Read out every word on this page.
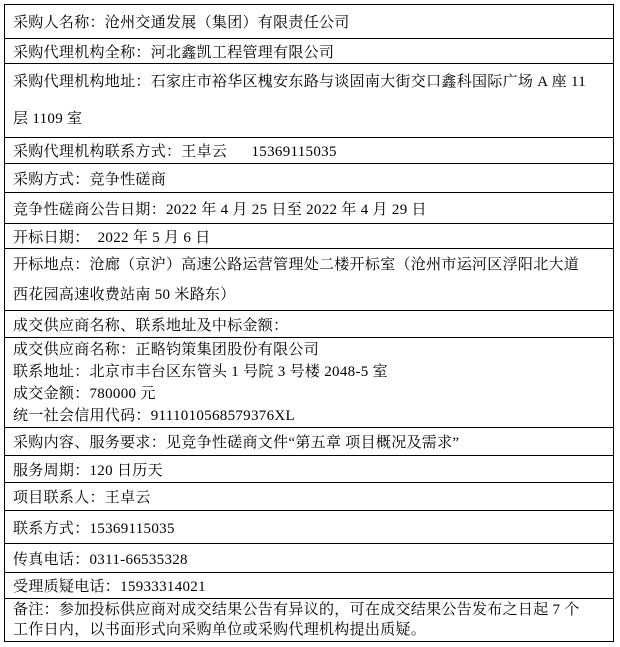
采购人名称：沧州交通发展（集团）有限责任公司
采购代理机构全称：河北鑫凯工程管理有限公司
采购代理机构地址：石家庄市裕华区槐安东路与谈固南大街交口鑫科国际广场 A 座 11
层 1109 室
采购代理机构联系方式：王卓云      15369115035
采购方式：竞争性磋商
竞争性磋商公告日期：2022 年 4 月 25 日至 2022 年 4 月 29 日
开标日期：  2022 年 5 月 6 日
开标地点：沧廊（京沪）高速公路运营管理处二楼开标室（沧州市运河区浮阳北大道
西花园高速收费站南 50 米路东）
成交供应商名称、联系地址及中标金额：
成交供应商名称：正略钧策集团股份有限公司
联系地址：北京市丰台区东管头 1 号院 3 号楼 2048-5 室
成交金额：780000 元
统一社会信用代码：9111010568579376XL
采购内容、服务要求：见竞争性磋商文件“第五章 项目概况及需求”
服务周期：120 日历天
项目联系人：王卓云
联系方式：15369115035
传真电话：0311-66535328
受理质疑电话：15933314021
备注：参加投标供应商对成交结果公告有异议的，可在成交结果公告发布之日起 7 个
工作日内，以书面形式向采购单位或采购代理机构提出质疑。
